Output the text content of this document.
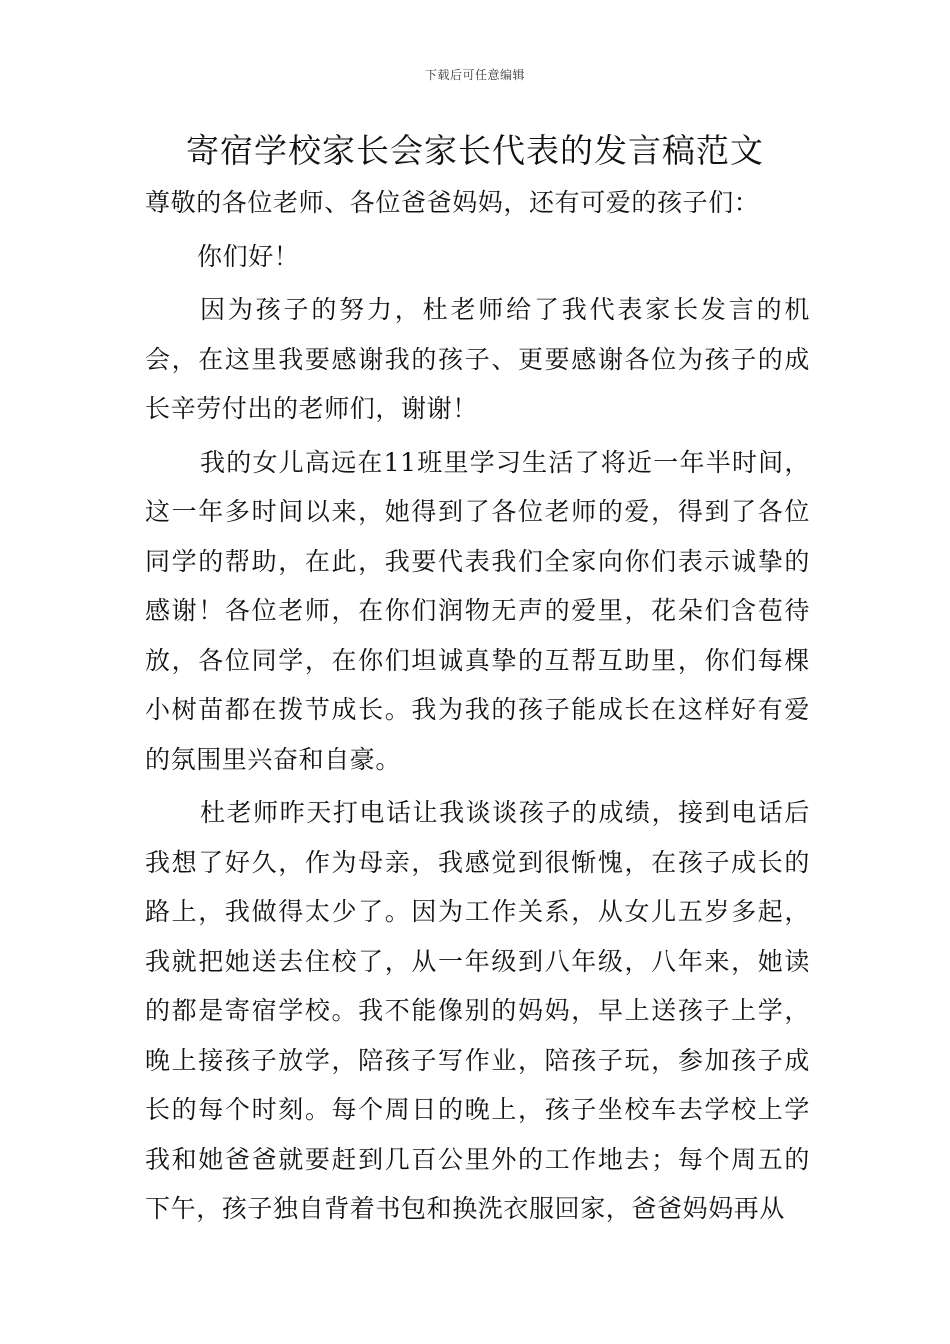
下载后可任意编辑
寄宿学校家长会家长代表的发言稿范文

尊敬的各位老师、各位爸爸妈妈，还有可爱的孩子们：

你们好！

因为孩子的努力，杜老师给了我代表家长发言的机会，在这里我要感谢我的孩子、更要感谢各位为孩子的成长辛劳付出的老师们，谢谢！

我的女儿高远在11班里学习生活了将近一年半时间，这一年多时间以来，她得到了各位老师的爱，得到了各位同学的帮助，在此，我要代表我们全家向你们表示诚挚的感谢！各位老师，在你们润物无声的爱里，花朵们含苞待放，各位同学，在你们坦诚真挚的互帮互助里，你们每棵小树苗都在拨节成长。我为我的孩子能成长在这样好有爱的氛围里兴奋和自豪。

杜老师昨天打电话让我谈谈孩子的成绩，接到电话后我想了好久，作为母亲，我感觉到很惭愧，在孩子成长的路上，我做得太少了。因为工作关系，从女儿五岁多起，我就把她送去住校了，从一年级到八年级，八年来，她读的都是寄宿学校。我不能像别的妈妈，早上送孩子上学，晚上接孩子放学，陪孩子写作业，陪孩子玩，参加孩子成长的每个时刻。每个周日的晚上，孩子坐校车去学校上学我和她爸爸就要赶到几百公里外的工作地去；每个周五的下午，孩子独自背着书包和换洗衣服回家，爸爸妈妈再从
